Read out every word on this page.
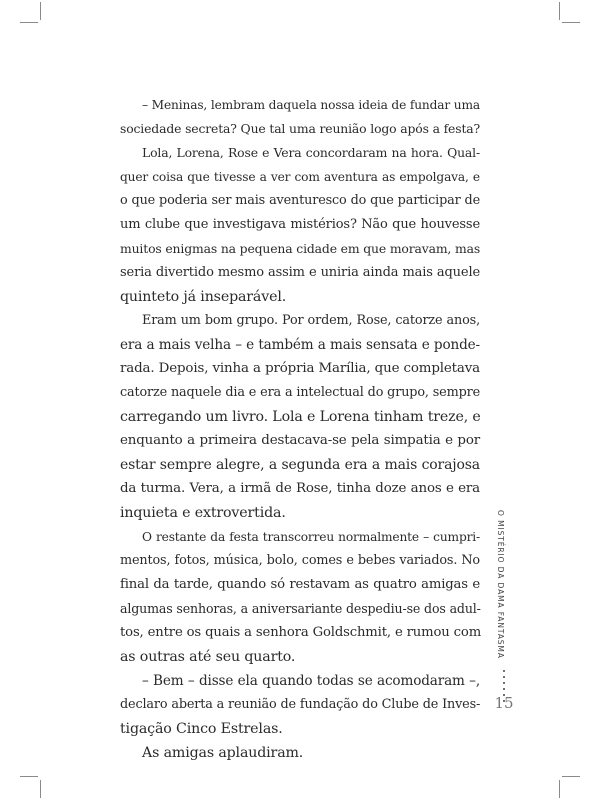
– Meninas, lembram daquela nossa ideia de fundar uma
sociedade secreta? Que tal uma reunião logo após a festa?

Lola, Lorena, Rose e Vera concordaram na hora. Qual-
quer coisa que tivesse a ver com aventura as empolgava, e
o que poderia ser mais aventuresco do que participar de
um clube que investigava mistérios? Não que houvesse
muitos enigmas na pequena cidade em que moravam, mas
seria divertido mesmo assim e uniria ainda mais aquele
quinteto já inseparável.

Eram um bom grupo. Por ordem, Rose, catorze anos,
era a mais velha – e também a mais sensata e ponde-
rada. Depois, vinha a própria Marília, que completava
catorze naquele dia e era a intelectual do grupo, sempre
carregando um livro. Lola e Lorena tinham treze, e
enquanto a primeira destacava-se pela simpatia e por
estar sempre alegre, a segunda era a mais corajosa
da turma. Vera, a irmã de Rose, tinha doze anos e era
inquieta e extrovertida.

O restante da festa transcorreu normalmente – cumpri-
mentos, fotos, música, bolo, comes e bebes variados. No
final da tarde, quando só restavam as quatro amigas e
algumas senhoras, a aniversariante despediu-se dos adul-
tos, entre os quais a senhora Goldschmit, e rumou com
as outras até seu quarto.

– Bem – disse ela quando todas se acomodaram –,
declaro aberta a reunião de fundação do Clube de Inves-
tigação Cinco Estrelas.

As amigas aplaudiram.

O MISTÉRIO DA DAMA FANTASMA
15
